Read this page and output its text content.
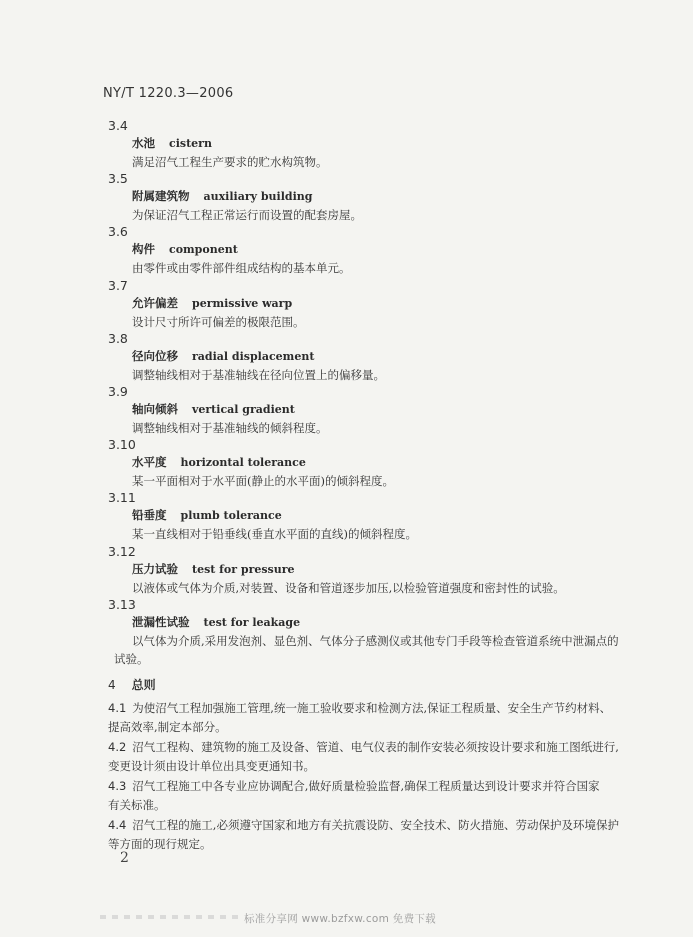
NY/T 1220.3—2006
3.4
水池 cistern
满足沼气工程生产要求的贮水构筑物。
3.5
附属建筑物 auxiliary building
为保证沼气工程正常运行而设置的配套房屋。
3.6
构件 component
由零件或由零件部件组成结构的基本单元。
3.7
允许偏差 permissive warp
设计尺寸所许可偏差的极限范围。
3.8
径向位移 radial displacement
调整轴线相对于基准轴线在径向位置上的偏移量。
3.9
轴向倾斜 vertical gradient
调整轴线相对于基准轴线的倾斜程度。
3.10
水平度 horizontal tolerance
某一平面相对于水平面(静止的水平面)的倾斜程度。
3.11
铅垂度 plumb tolerance
某一直线相对于铅垂线(垂直水平面的直线)的倾斜程度。
3.12
压力试验 test for pressure
以液体或气体为介质,对装置、设备和管道逐步加压,以检验管道强度和密封性的试验。
3.13
泄漏性试验 test for leakage
以气体为介质,采用发泡剂、显色剂、气体分子感测仪或其他专门手段等检查管道系统中泄漏点的
试验。
4 总则
4.1 为使沼气工程加强施工管理,统一施工验收要求和检测方法,保证工程质量、安全生产节约材料、
提高效率,制定本部分。
4.2 沼气工程构、建筑物的施工及设备、管道、电气仪表的制作安装必须按设计要求和施工图纸进行,
变更设计须由设计单位出具变更通知书。
4.3 沼气工程施工中各专业应协调配合,做好质量检验监督,确保工程质量达到设计要求并符合国家
有关标准。
4.4 沼气工程的施工,必须遵守国家和地方有关抗震设防、安全技术、防火措施、劳动保护及环境保护
等方面的现行规定。
2
标准分享网 www.bzfxw.com 免费下载
